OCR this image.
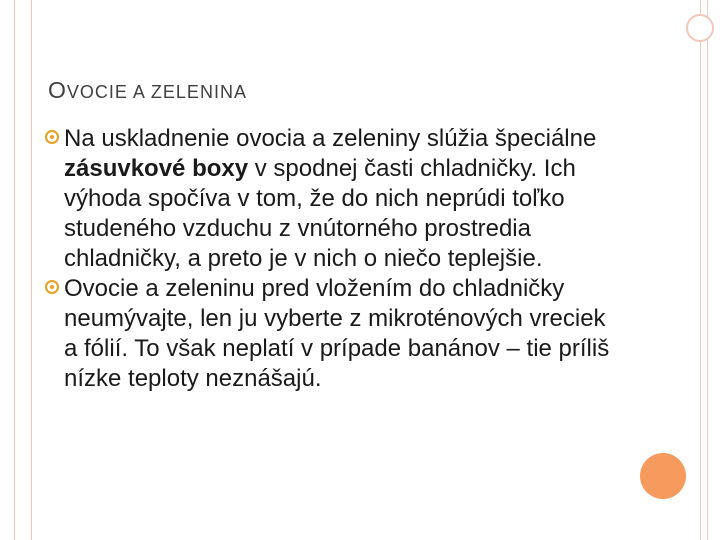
OVOCIE A ZELENINA
Na uskladnenie ovocia a zeleniny slúžia špeciálne zásuvkové boxy v spodnej časti chladničky. Ich výhoda spočíva v tom, že do nich neprúdi toľko studeného vzduchu z vnútorného prostredia chladničky, a preto je v nich o niečo teplejšie.
Ovocie a zeleninu pred vložením do chladničky neumývajte, len ju vyberte z mikroténových vreciek a fólií. To však neplatí v prípade banánov – tie príliš nízke teploty neznášajú.
